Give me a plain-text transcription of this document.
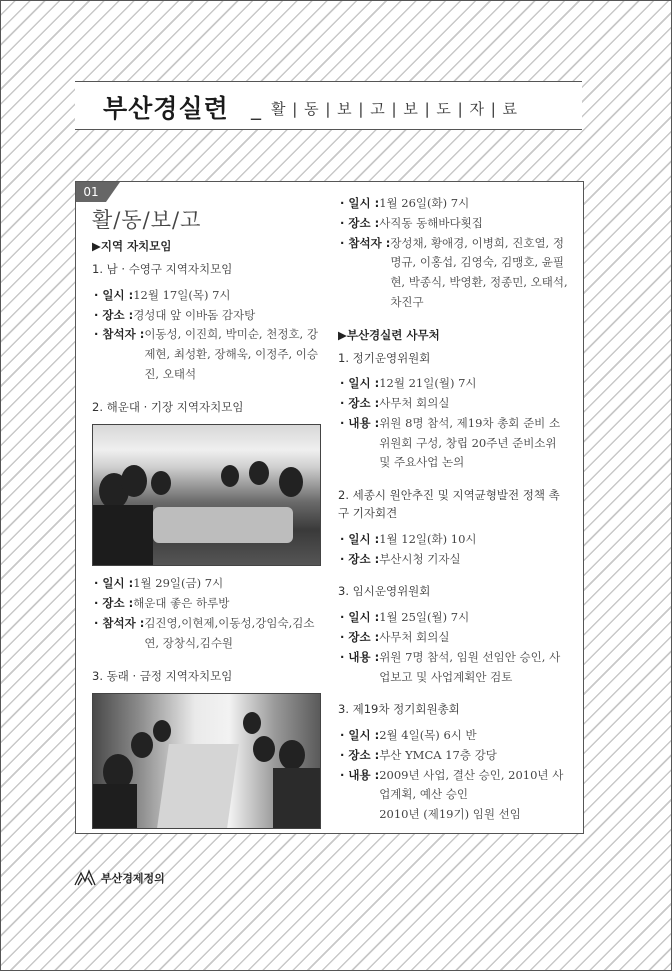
부산경실련 _ 활 | 동 | 보 | 고 | 보 | 도 | 자 | 료
01
활/동/보/고
▶지역 자치모임
1. 남 · 수영구 지역자치모임
· 일시 : 12월 17일(목) 7시
· 장소 : 경성대 앞 이바돔 감자탕
· 참석자 : 이동성, 이진희, 박미순, 천정호, 강제현, 최성환, 장해욱, 이정주, 이승진, 오태석
2. 해운대 · 기장 지역자치모임
· 일시 : 1월 29일(금) 7시
· 장소 : 해운대 좋은 하루방
· 참석자 : 김진영,이현제,이동성,강임숙,김소연, 장창식,김수원
3. 동래 · 금정 지역자치모임
· 일시 : 1월 26일(화) 7시
· 장소 : 사직동 동해바다횟집
· 참석자 : 장성채, 황애경, 이병희, 진호열, 정명규, 이홍섭, 김영숙, 김맹호, 윤필현, 박종식, 박영환, 정종민, 오태석, 차진구
▶부산경실련 사무처
1. 정기운영위원회
· 일시 : 12월 21일(월) 7시
· 장소 : 사무처 회의실
· 내용 : 위원 8명 참석, 제19차 총회 준비 소위원회 구성, 창립 20주년 준비소위 및 주요사업 논의
2. 세종시 원안추진 및 지역균형발전 정책 촉구 기자회견
· 일시 : 1월 12일(화) 10시
· 장소 : 부산시청 기자실
3. 임시운영위원회
· 일시 : 1월 25일(월) 7시
· 장소 : 사무처 회의실
· 내용 : 위원 7명 참석, 임원 선임안 승인, 사업보고 및 사업계획안 검토
3. 제19차 정기회원총회
· 일시 : 2월 4일(목) 6시 반
· 장소 : 부산 YMCA 17층 강당
· 내용 : 2009년 사업, 결산 승인, 2010년 사업계획, 예산 승인
2010년 (제19기) 임원 선임
부산경제정의
